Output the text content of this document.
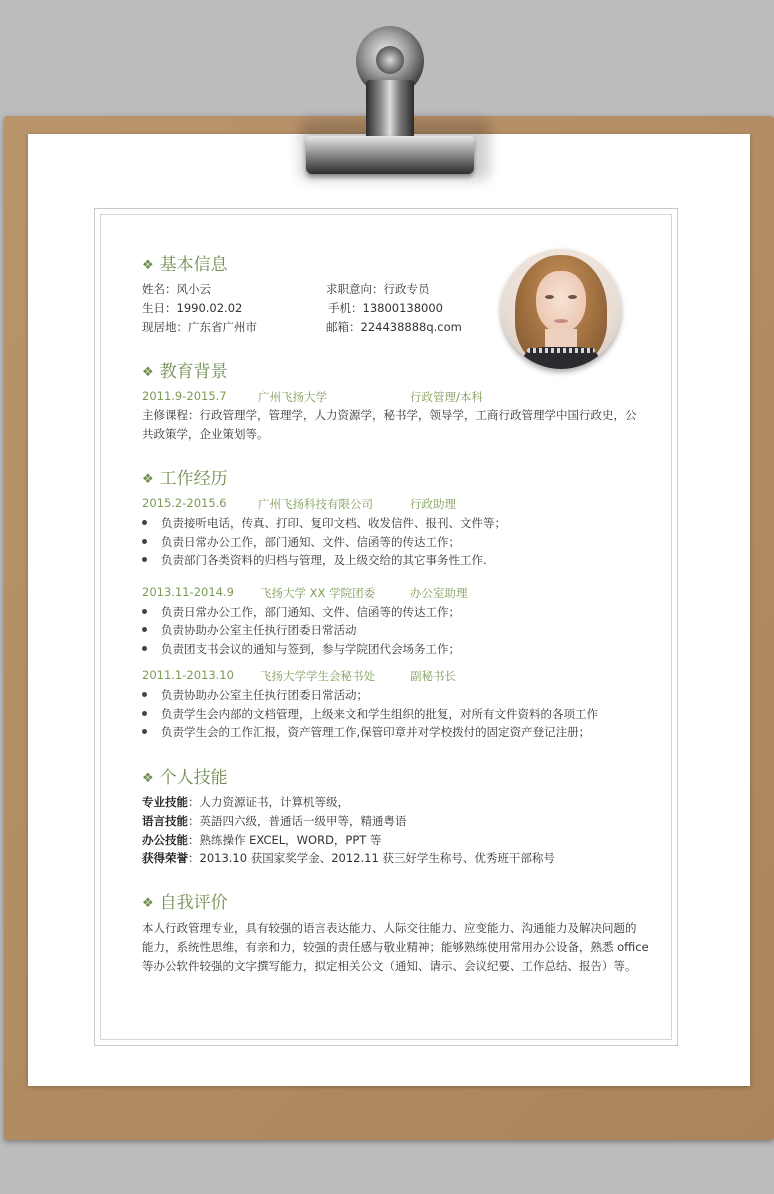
❖ 基本信息
姓名：风小云	求职意向：行政专员
生日：1990.02.02	手机：13800138000
现居地：广东省广州市	邮箱：224438888q.com
❖ 教育背景
2011.9-2015.7	广州飞扬大学	行政管理/本科
主修课程：行政管理学，管理学，人力资源学，秘书学，领导学，工商行政管理学中国行政史，公
共政策学，企业策划等。
❖ 工作经历
2015.2-2015.6	广州飞扬科技有限公司	行政助理
负责接听电话，传真、打印、复印文档、收发信件、报刊、文件等；
负责日常办公工作，部门通知、文件、信函等的传达工作；
负责部门各类资料的归档与管理，及上级交给的其它事务性工作.
2013.11-2014.9 飞扬大学 XX 学院团委	办公室助理
负责日常办公工作，部门通知、文件、信函等的传达工作；
负责协助办公室主任执行团委日常活动
负责团支书会议的通知与签到，参与学院团代会场务工作；
2011.1-2013.10 飞扬大学学生会秘书处	副秘书长
负责协助办公室主任执行团委日常活动；
负责学生会内部的文档管理，上级来文和学生组织的批复，对所有文件资料的各项工作
负责学生会的工作汇报，资产管理工作,保管印章并对学校拨付的固定资产登记注册；
❖ 个人技能
专业技能：人力资源证书，计算机等级，
语言技能：英語四六级，普通话一级甲等，精通粤语
办公技能：熟练操作 EXCEL，WORD，PPT 等
获得荣誉：2013.10 获国家奖学金、2012.11 获三好学生称号、优秀班干部称号
❖ 自我评价
本人行政管理专业，具有较强的语言表达能力、人际交往能力、应变能力、沟通能力及解决问题的
能力，系统性思维，有亲和力，较强的责任感与敬业精神；能够熟练使用常用办公设备，熟悉 office
等办公软件较强的文字撰写能力，拟定相关公文（通知、请示、会议纪要、工作总结、报告）等。
